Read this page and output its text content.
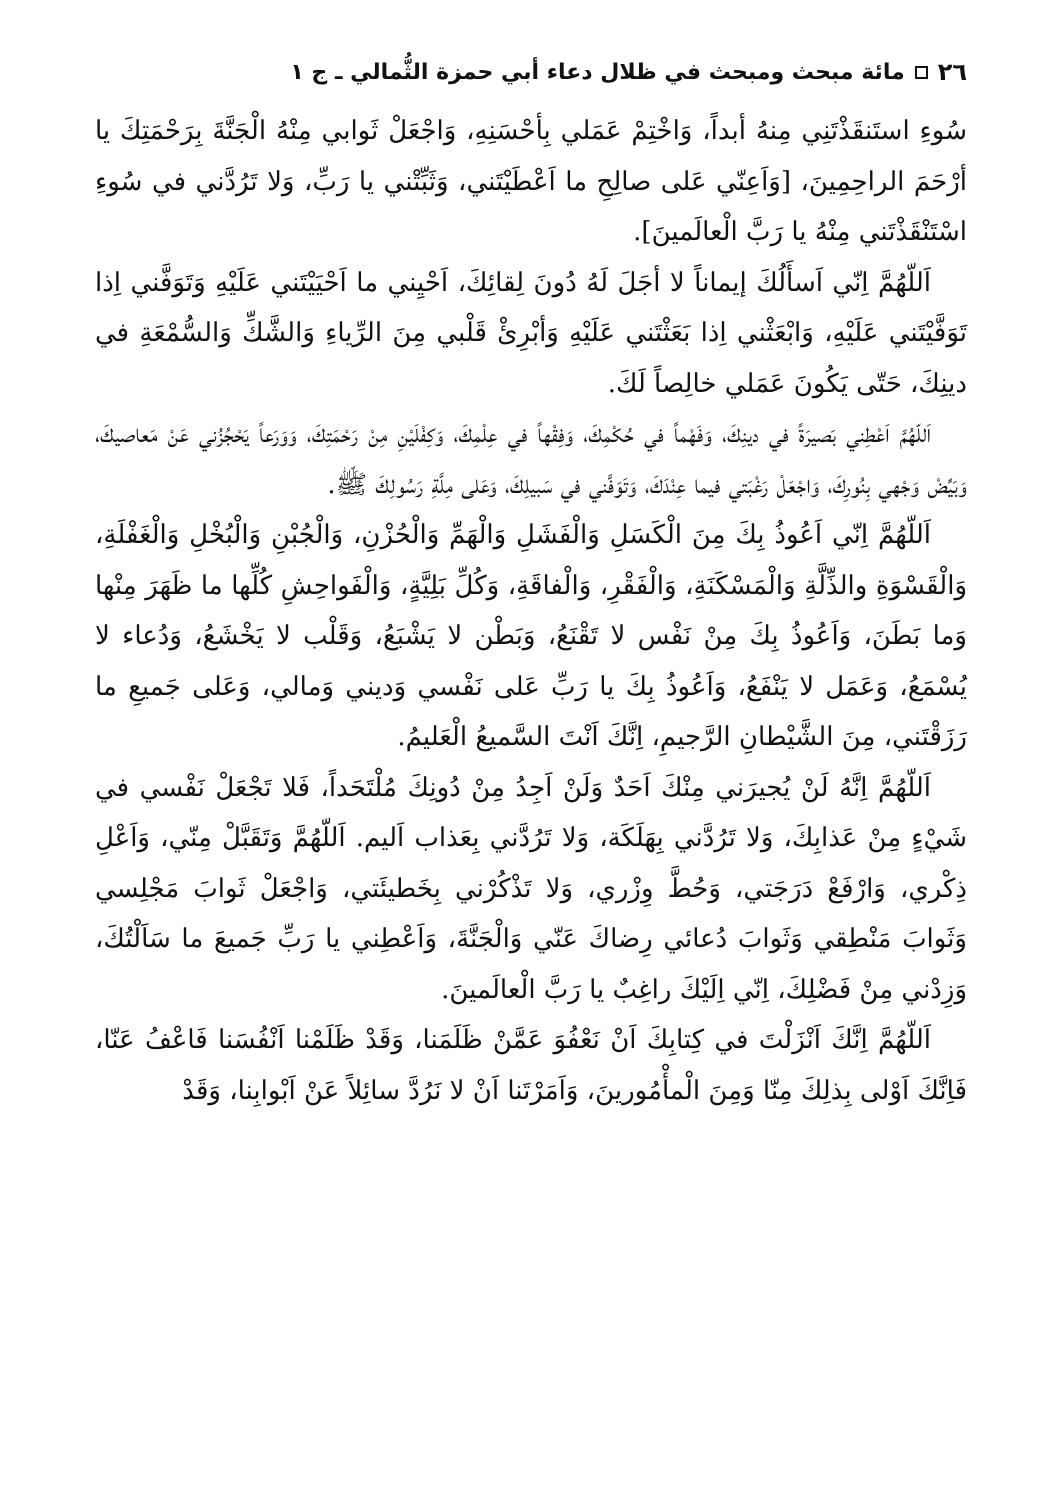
٢٦
مائة مبحث ومبحث في ظلال دعاء أبي حمزة الثُّمالي ـ ج ١

سُوءِ استَنقَذْتَنِي مِنهُ أبداً، وَاخْتِمْ عَمَلي بِأحْسَنِهِ، وَاجْعَلْ ثَوابي مِنْهُ الْجَنَّةَ بِرَحْمَتِكَ يا أرْحَمَ الراحِمِينَ، [وَاَعِنّي عَلى صالِحِ ما اَعْطَيْتَني، وَثَبِّتْني يا رَبِّ، وَلا تَرُدَّني في سُوءِ اسْتَنْقَذْتَني مِنْهُ يا رَبَّ الْعالَمينَ].

اَللّهُمَّ اِنّي اَسأَلُكَ إيماناً لا أجَلَ لَهُ دُونَ لِقائِكَ، اَحْيِني ما اَحْيَيْتَني عَلَيْهِ وَتَوَفَّني اِذا تَوَفَّيْتَني عَلَيْهِ، وَابْعَثْني اِذا بَعَثْتَني عَلَيْهِ وَأبْرِئْ قَلْبي مِنَ الرِّياءِ وَالشَّكِّ وَالسُّمْعَةِ في دينِكَ، حَتّى يَكُونَ عَمَلي خالِصاً لَكَ.

اَللّهُمَّ اَعْطِني بَصيرَةً في دينِكَ، وَفَهْماً في حُكْمِكَ، وَفِقْهاً في عِلْمِكَ، وَكِفْلَيْنِ مِنْ رَحْمَتِكَ، وَوَرَعاً يَحْجُزُني عَنْ مَعاصيكَ، وَبَيِّضْ وَجْهي بِنُورِكَ، وَاجْعَلْ رَغْبَتي فيما عِنْدَكَ، وَتَوَفَّني في سَبيلِكَ، وَعَلى مِلَّةِ رَسُولِكَ ﷺ.

اَللّهُمَّ اِنّي اَعُوذُ بِكَ مِنَ الْكَسَلِ وَالْفَشَلِ وَالْهَمِّ وَالْحُزْنِ، وَالْجُبْنِ وَالْبُخْلِ وَالْغَفْلَةِ، وَالْقَسْوَةِ والذِّلَّةِ وَالْمَسْكَنَةِ، وَالْفَقْرِ، وَالْفاقَةِ، وَكُلِّ بَلِيَّةٍ، وَالْفَواحِشِ كُلِّها ما ظَهَرَ مِنْها وَما بَطَنَ، وَاَعُوذُ بِكَ مِنْ نَفْس لا تَقْنَعُ، وَبَطْن لا يَشْبَعُ، وَقَلْب لا يَخْشَعُ، وَدُعاء لا يُسْمَعُ، وَعَمَل لا يَنْفَعُ، وَاَعُوذُ بِكَ يا رَبِّ عَلى نَفْسي وَديني وَمالي، وَعَلى جَميعِ ما رَزَقْتَني، مِنَ الشَّيْطانِ الرَّجيمِ، اِنَّكَ اَنْتَ السَّميعُ الْعَليمُ.

اَللّهُمَّ اِنَّهُ لَنْ يُجيرَني مِنْكَ اَحَدٌ وَلَنْ اَجِدُ مِنْ دُونِكَ مُلْتَحَداً، فَلا تَجْعَلْ نَفْسي في شَيْءٍ مِنْ عَذابِكَ، وَلا تَرُدَّني بِهَلَكَة، وَلا تَرُدَّني بِعَذاب اَليم. اَللّهُمَّ وَتَقَبَّلْ مِنّي، وَاَعْلِ ذِكْري، وَارْفَعْ دَرَجَتي، وَحُطَّ وِزْري، وَلا تَذْكُرْني بِخَطيئَتي، وَاجْعَلْ ثَوابَ مَجْلِسي وَثَوابَ مَنْطِقي وَثَوابَ دُعائي رِضاكَ عَنّي وَالْجَنَّةَ، وَاَعْطِني يا رَبِّ جَميعَ ما سَاَلْتُكَ، وَزِدْني مِنْ فَضْلِكَ، اِنّي اِلَيْكَ راغِبٌ يا رَبَّ الْعالَمينَ.

اَللّهُمَّ اِنَّكَ اَنْزَلْتَ في كِتابِكَ اَنْ نَعْفُوَ عَمَّنْ ظَلَمَنا، وَقَدْ ظَلَمْنا اَنْفُسَنا فَاعْفُ عَنّا، فَاِنَّكَ اَوْلى بِذلِكَ مِنّا وَمِنَ الْمأْمُورينَ، وَاَمَرْتَنا اَنْ لا نَرُدَّ سائِلاً عَنْ اَبْوابِنا، وَقَدْ
